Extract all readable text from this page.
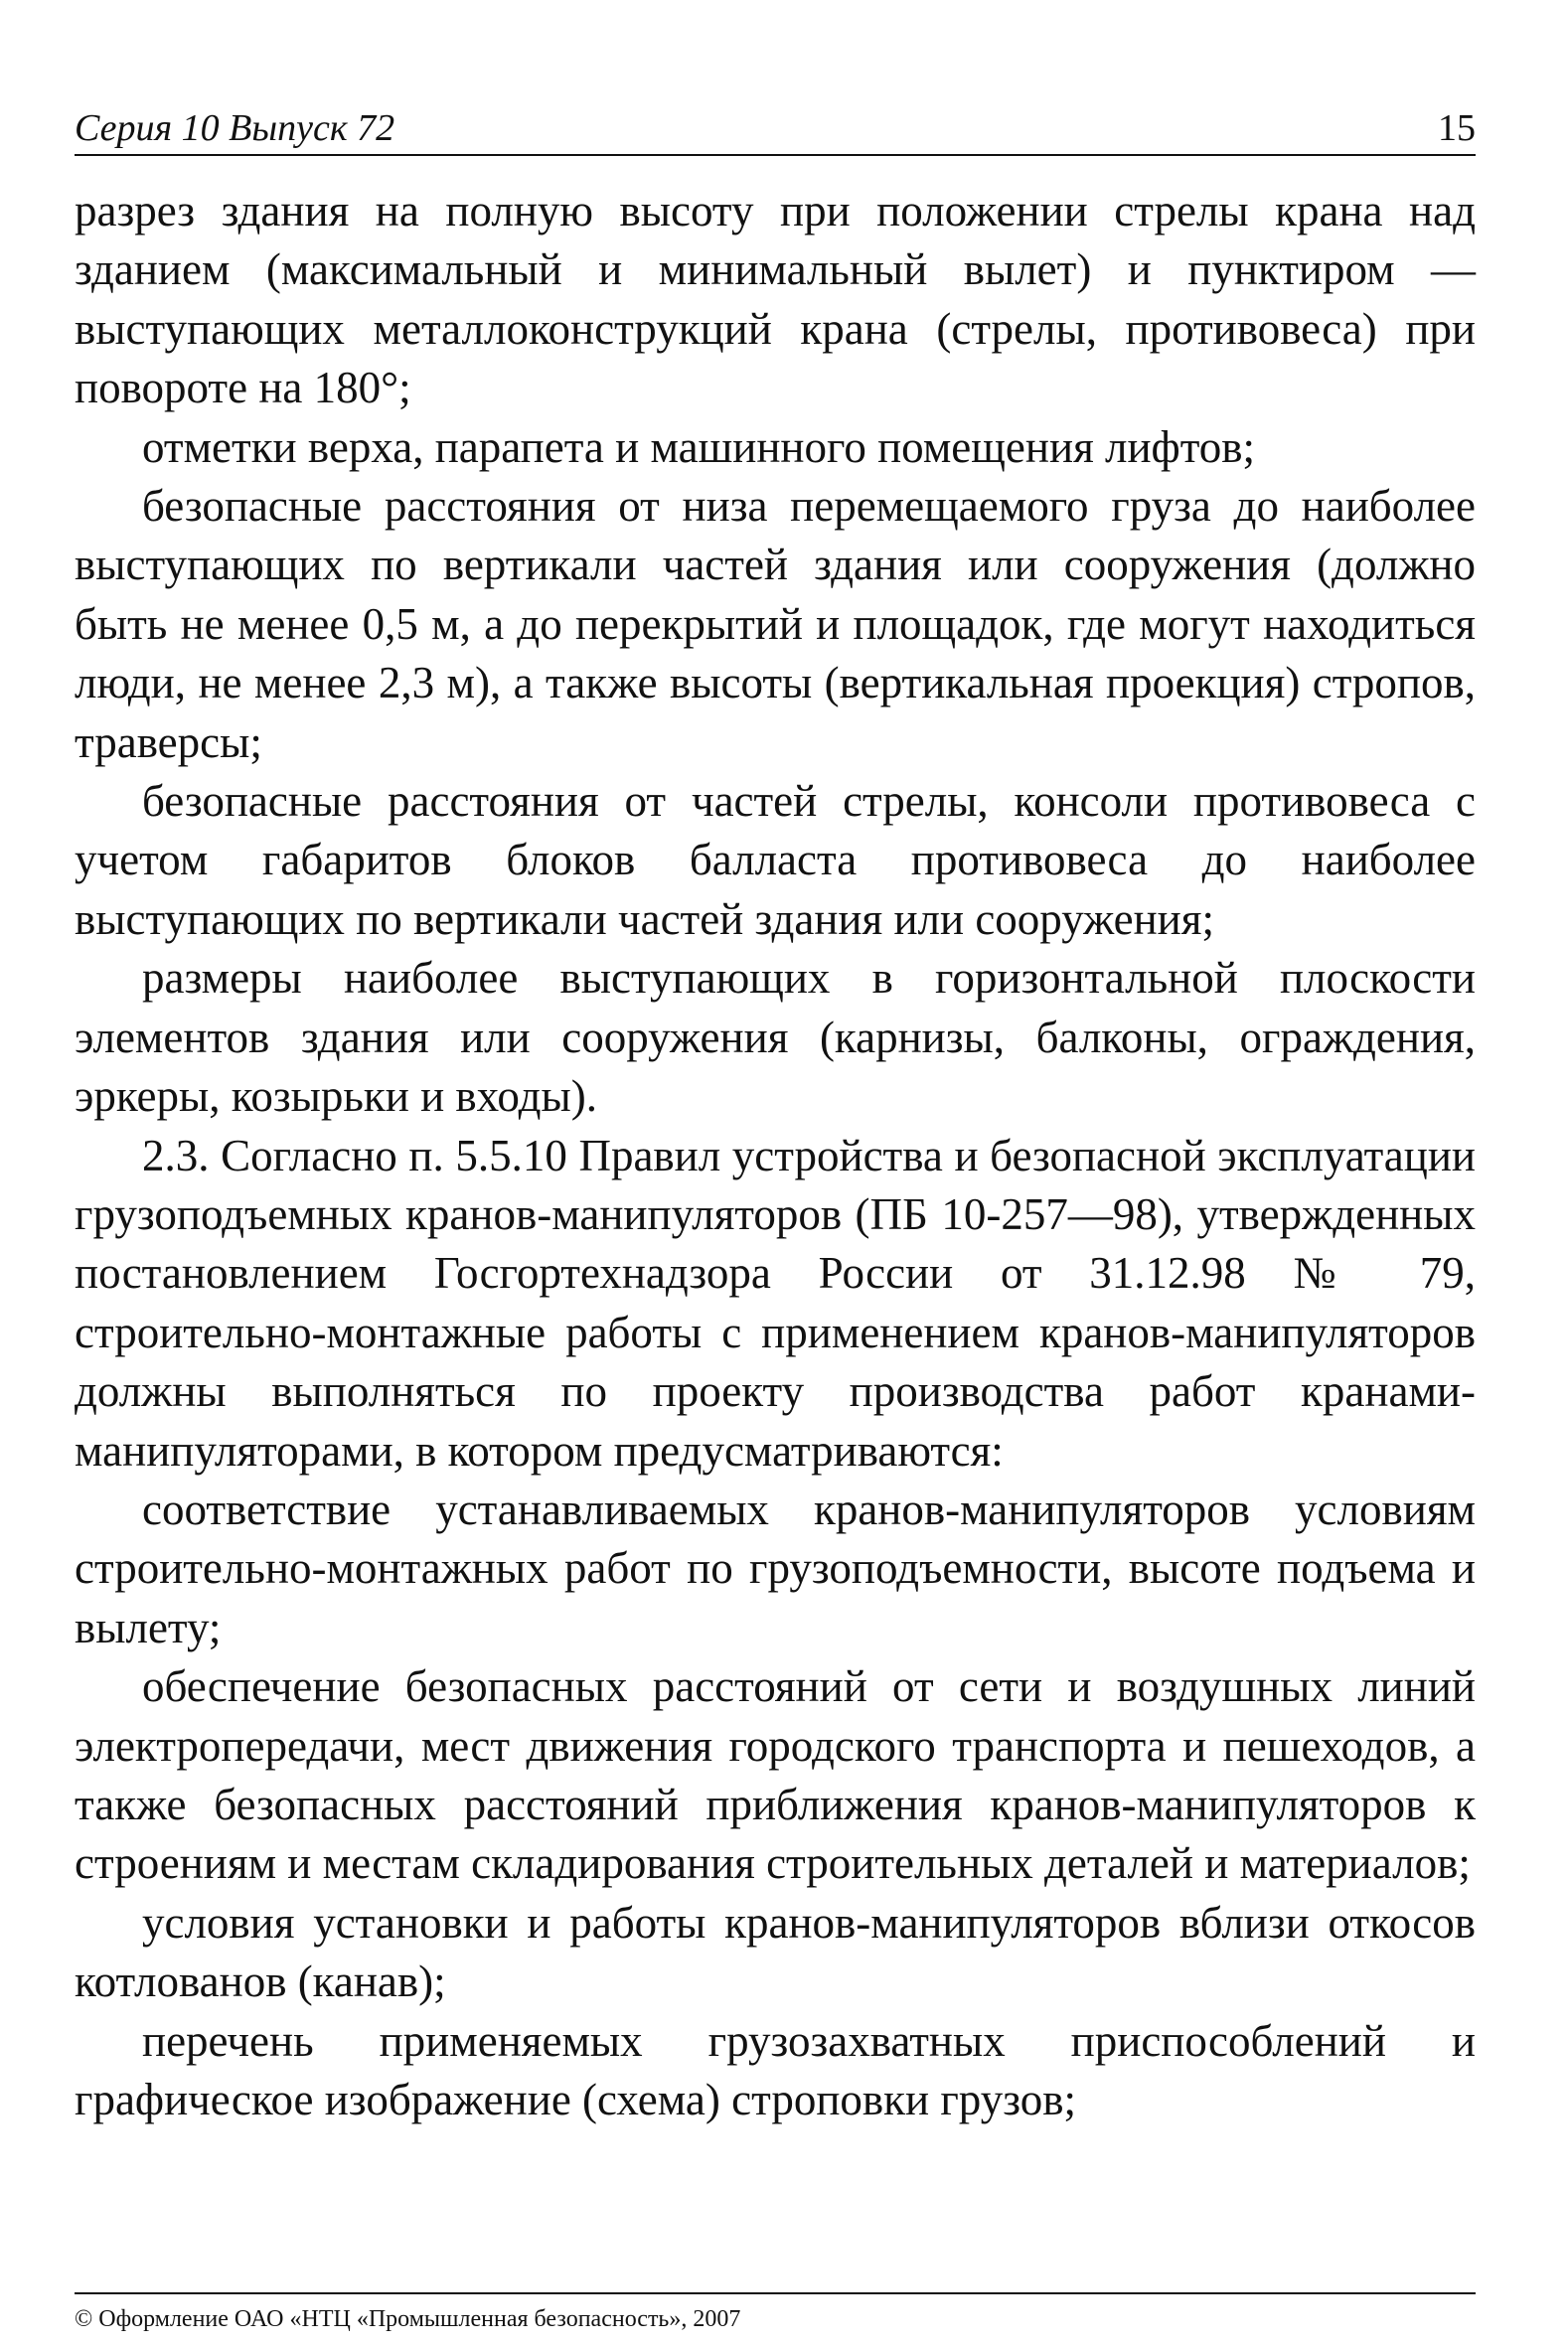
Серия 10 Выпуск 72	15

разрез здания на полную высоту при положении стрелы крана над зданием (максимальный и минимальный вылет) и пунктиром — выступающих металлоконструкций крана (стрелы, противовеса) при повороте на 180°;

отметки верха, парапета и машинного помещения лифтов;

безопасные расстояния от низа перемещаемого груза до наиболее выступающих по вертикали частей здания или сооружения (должно быть не менее 0,5 м, а до перекрытий и площадок, где могут находиться люди, не менее 2,3 м), а также высоты (вертикальная проекция) стропов, траверсы;

безопасные расстояния от частей стрелы, консоли противовеса с учетом габаритов блоков балласта противовеса до наиболее выступающих по вертикали частей здания или сооружения;

размеры наиболее выступающих в горизонтальной плоскости элементов здания или сооружения (карнизы, балконы, ограждения, эркеры, козырьки и входы).

2.3. Согласно п. 5.5.10 Правил устройства и безопасной эксплуатации грузоподъемных кранов-манипуляторов (ПБ 10-257—98), утвержденных постановлением Госгортехнадзора России от 31.12.98 № 79, строительно-монтажные работы с применением кранов-манипуляторов должны выполняться по проекту производства работ кранами-манипуляторами, в котором предусматриваются:

соответствие устанавливаемых кранов-манипуляторов условиям строительно-монтажных работ по грузоподъемности, высоте подъема и вылету;

обеспечение безопасных расстояний от сети и воздушных линий электропередачи, мест движения городского транспорта и пешеходов, а также безопасных расстояний приближения кранов-манипуляторов к строениям и местам складирования строительных деталей и материалов;

условия установки и работы кранов-манипуляторов вблизи откосов котлованов (канав);

перечень применяемых грузозахватных приспособлений и графическое изображение (схема) строповки грузов;

© Оформление ОАО «НТЦ «Промышленная безопасность», 2007
